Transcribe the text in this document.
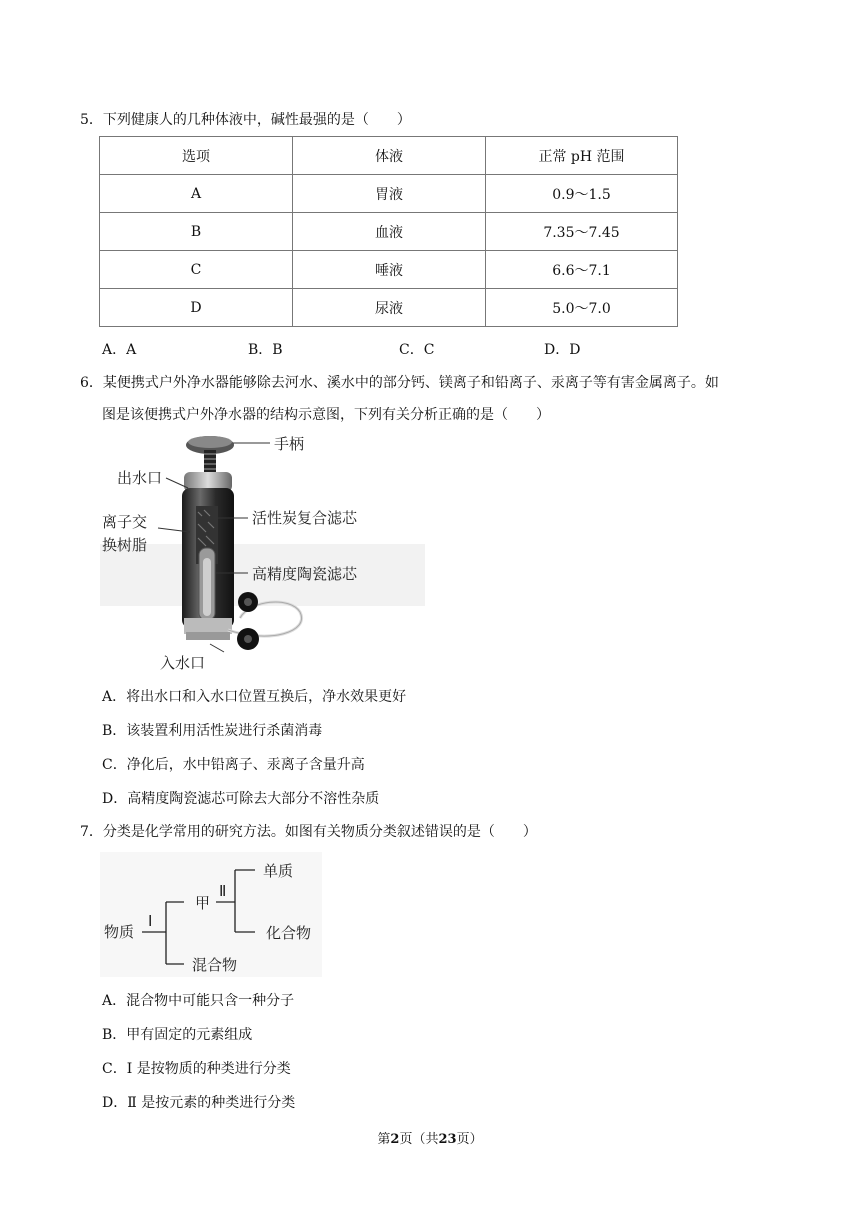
5．下列健康人的几种体液中，碱性最强的是（　　）
选项	体液	正常 pH 范围
A	胃液	0.9～1.5
B	血液	7.35～7.45
C	唾液	6.6～7.1
D	尿液	5.0～7.0
A．A	B．B	C．C	D．D
6．某便携式户外净水器能够除去河水、溪水中的部分钙、镁离子和铅离子、汞离子等有害金属离子。如
图是该便携式户外净水器的结构示意图，下列有关分析正确的是（　　）
手柄
出水口
离子交
换树脂
活性炭复合滤芯
高精度陶瓷滤芯
入水口
A．将出水口和入水口位置互换后，净水效果更好
B．该装置利用活性炭进行杀菌消毒
C．净化后，水中铅离子、汞离子含量升高
D．高精度陶瓷滤芯可除去大部分不溶性杂质
7．分类是化学常用的研究方法。如图有关物质分类叙述错误的是（　　）
物质
Ⅰ
甲
Ⅱ
单质
化合物
混合物
A．混合物中可能只含一种分子
B．甲有固定的元素组成
C．Ⅰ 是按物质的种类进行分类
D．Ⅱ 是按元素的种类进行分类
第2页（共23页）
